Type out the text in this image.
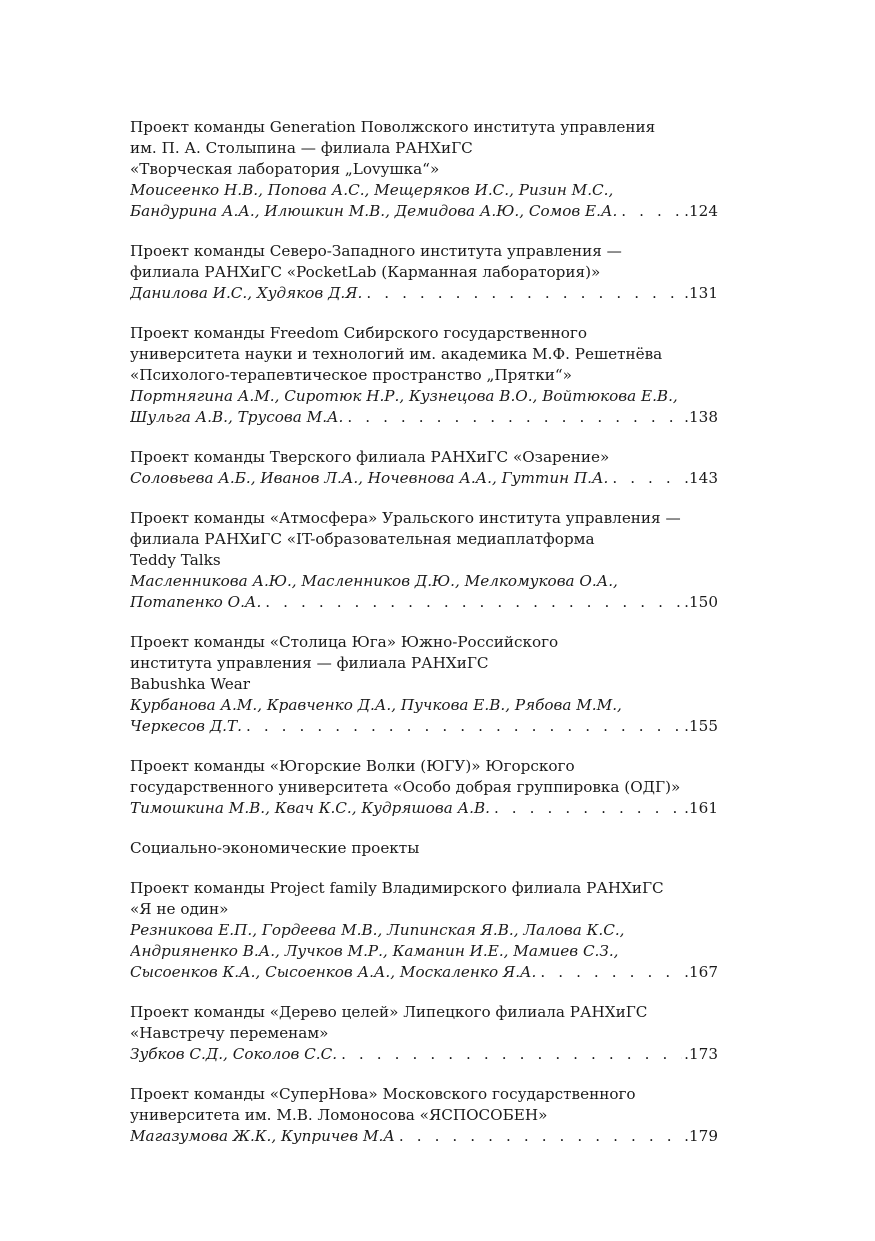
Проект команды Generation Поволжского института управления
им. П. А. Столыпина — филиала РАНХиГС
«Творческая лаборатория „Lovушка“»
Моисеенко Н.В., Попова А.С., Мещеряков И.С., Ризин М.С.,
Бандурина А.А., Илюшкин М.В., Демидова А.Ю., Сомов Е.А. . . .	.124
Проект команды Северо-Западного института управления —
филиала РАНХиГС «PocketLab (Карманная лаборатория)»
Данилова И.С., Худяков Д.Я. . . .	.131
Проект команды Freedom Сибирского государственного
университета науки и технологий им. академика М.Ф. Решетнёва
«Психолого-терапевтическое пространство „Прятки“»
Портнягина А.М., Сиротюк Н.Р., Кузнецова В.О., Войтюкова Е.В.,
Шульга А.В., Трусова М.А. . . .	.138
Проект команды Тверского филиала РАНХиГС «Озарение»
Соловьева А.Б., Иванов Л.А., Ночевнова А.А., Гуттин П.А. . . .	.143
Проект команды «Атмосфера» Уральского института управления —
филиала РАНХиГС «IT-образовательная медиаплатформа
Teddy Talks
Масленникова А.Ю., Масленников Д.Ю., Мелкомукова О.А.,
Потапенко О.А. . . .	.150
Проект команды «Столица Юга» Южно-Российского
института управления — филиала РАНХиГС
Babushka Wear
Курбанова А.М., Кравченко Д.А., Пучкова Е.В., Рябова М.М.,
Черкесов Д.Т. . . .	.155
Проект команды «Югорские Волки (ЮГУ)» Югорского
государственного университета «Особо добрая группировка (ОДГ)»
Тимошкина М.В., Квач К.С., Кудряшова А.В. . . .	.161
Социально-экономические проекты
Проект команды Project family Владимирского филиала РАНХиГС
«Я не один»
Резникова Е.П., Гордеева М.В., Липинская Я.В., Лалова К.С.,
Андрияненко В.А., Лучков М.Р., Каманин И.Е., Мамиев С.З.,
Сысоенков К.А., Сысоенков А.А., Москаленко Я.А. . . .	.167
Проект команды «Дерево целей» Липецкого филиала РАНХиГС
«Навстречу переменам»
Зубков С.Д., Соколов С.С. . . .	.173
Проект команды «СуперНова» Московского государственного
университета им. М.В. Ломоносова «ЯСПОСОБЕН»
Магазумова Ж.К., Купричев М.А . . .	.179
